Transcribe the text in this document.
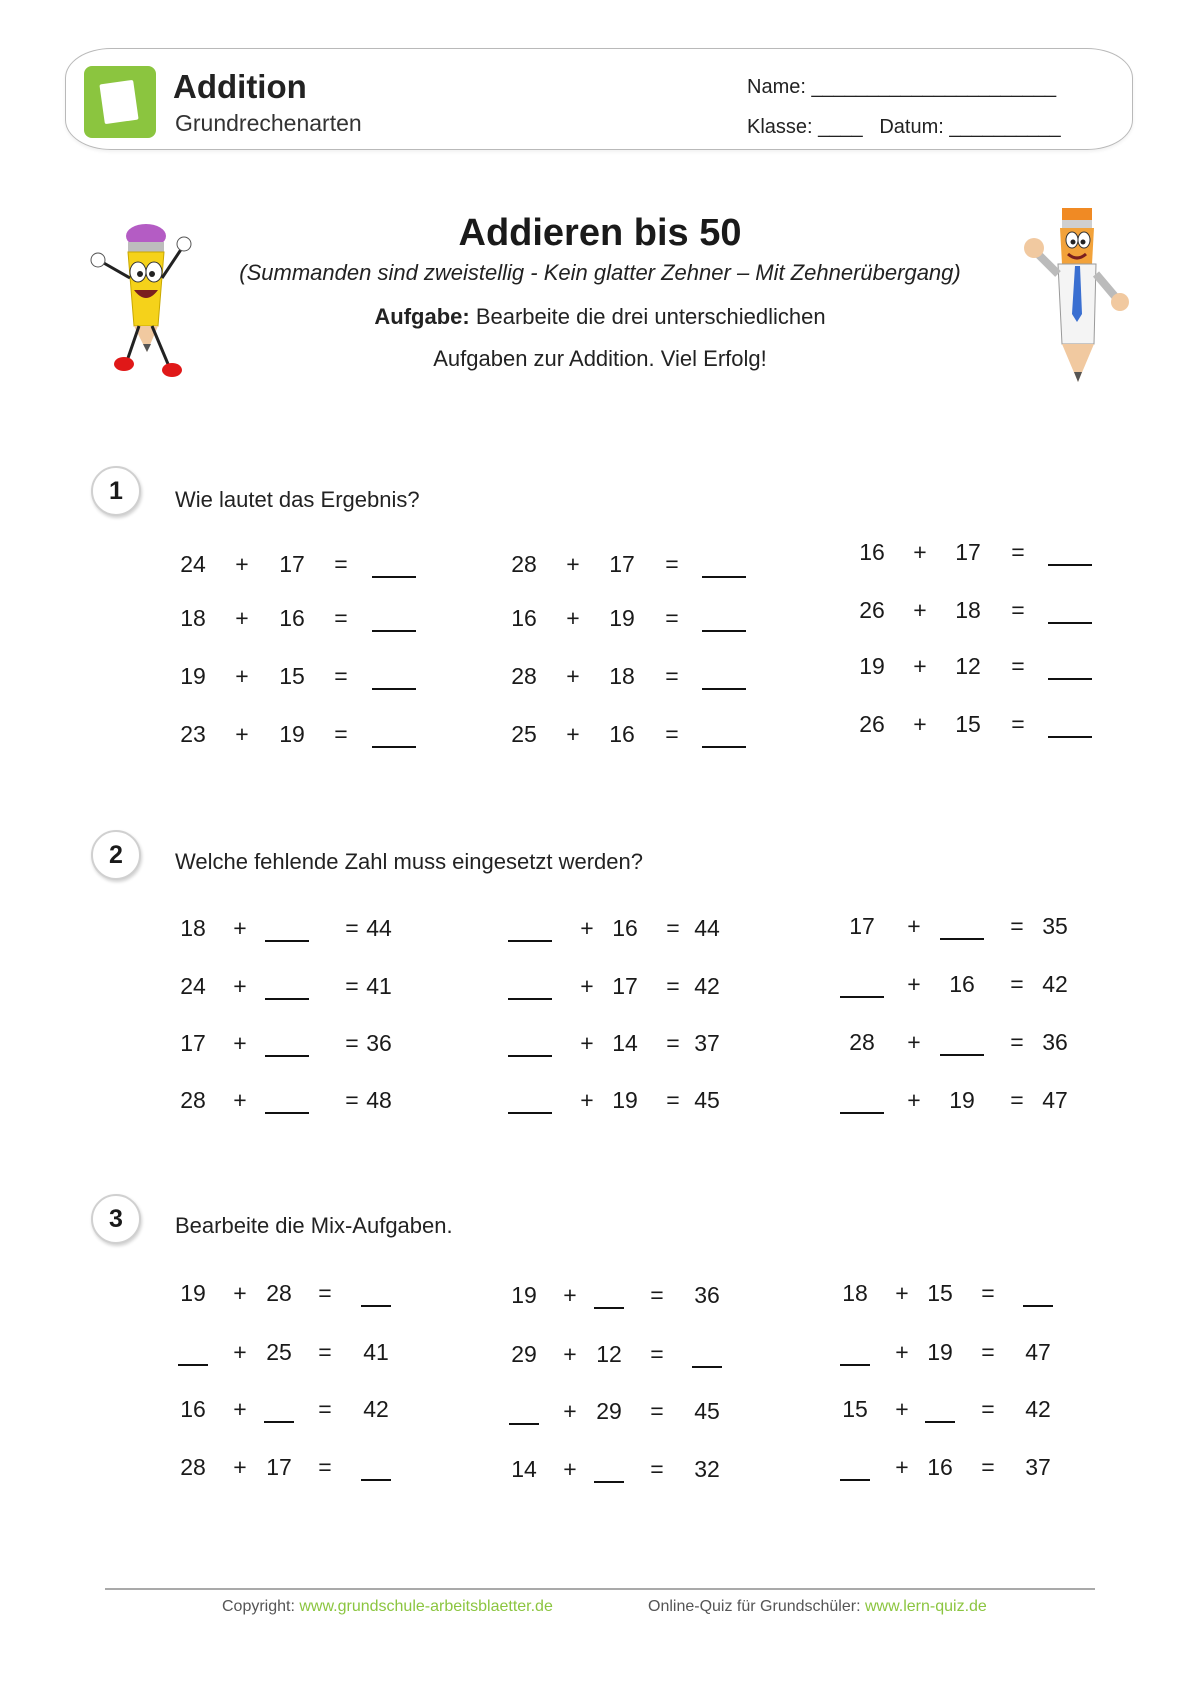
Addition
Grundrechenarten
Name: ______________________
Klasse: ____ Datum: __________
Addieren bis 50
(Summanden sind zweistellig - Kein glatter Zehner – Mit Zehnerübergang)
Aufgabe: Bearbeite die drei unterschiedlichen
Aufgaben zur Addition. Viel Erfolg!
1	Wie lautet das Ergebnis?
24 + 17 =
18 + 16 =
19 + 15 =
23 + 19 =
28 + 17 =
16 + 19 =
28 + 18 =
25 + 16 =
16 + 17 =
26 + 18 =
19 + 12 =
26 + 15 =
2	Welche fehlende Zahl muss eingesetzt werden?
18 +	= 44
24 +	= 41
17 +	= 36
28 +	= 48
+ 16 = 44
+ 17 = 42
+ 14 = 37
+ 19 = 45
17 +	= 35
+ 16 = 42
28 +	= 36
+ 19 = 47
3	Bearbeite die Mix-Aufgaben.
19 + 28 =
+ 25 = 41
16 +	= 42
28 + 17 =
19 +	= 36
29 + 12 =
+ 29 = 45
14 +	= 32
18 + 15 =
+ 19 = 47
15 +	= 42
+ 16 = 37
Copyright: www.grundschule-arbeitsblaetter.de	Online-Quiz für Grundschüler: www.lern-quiz.de
